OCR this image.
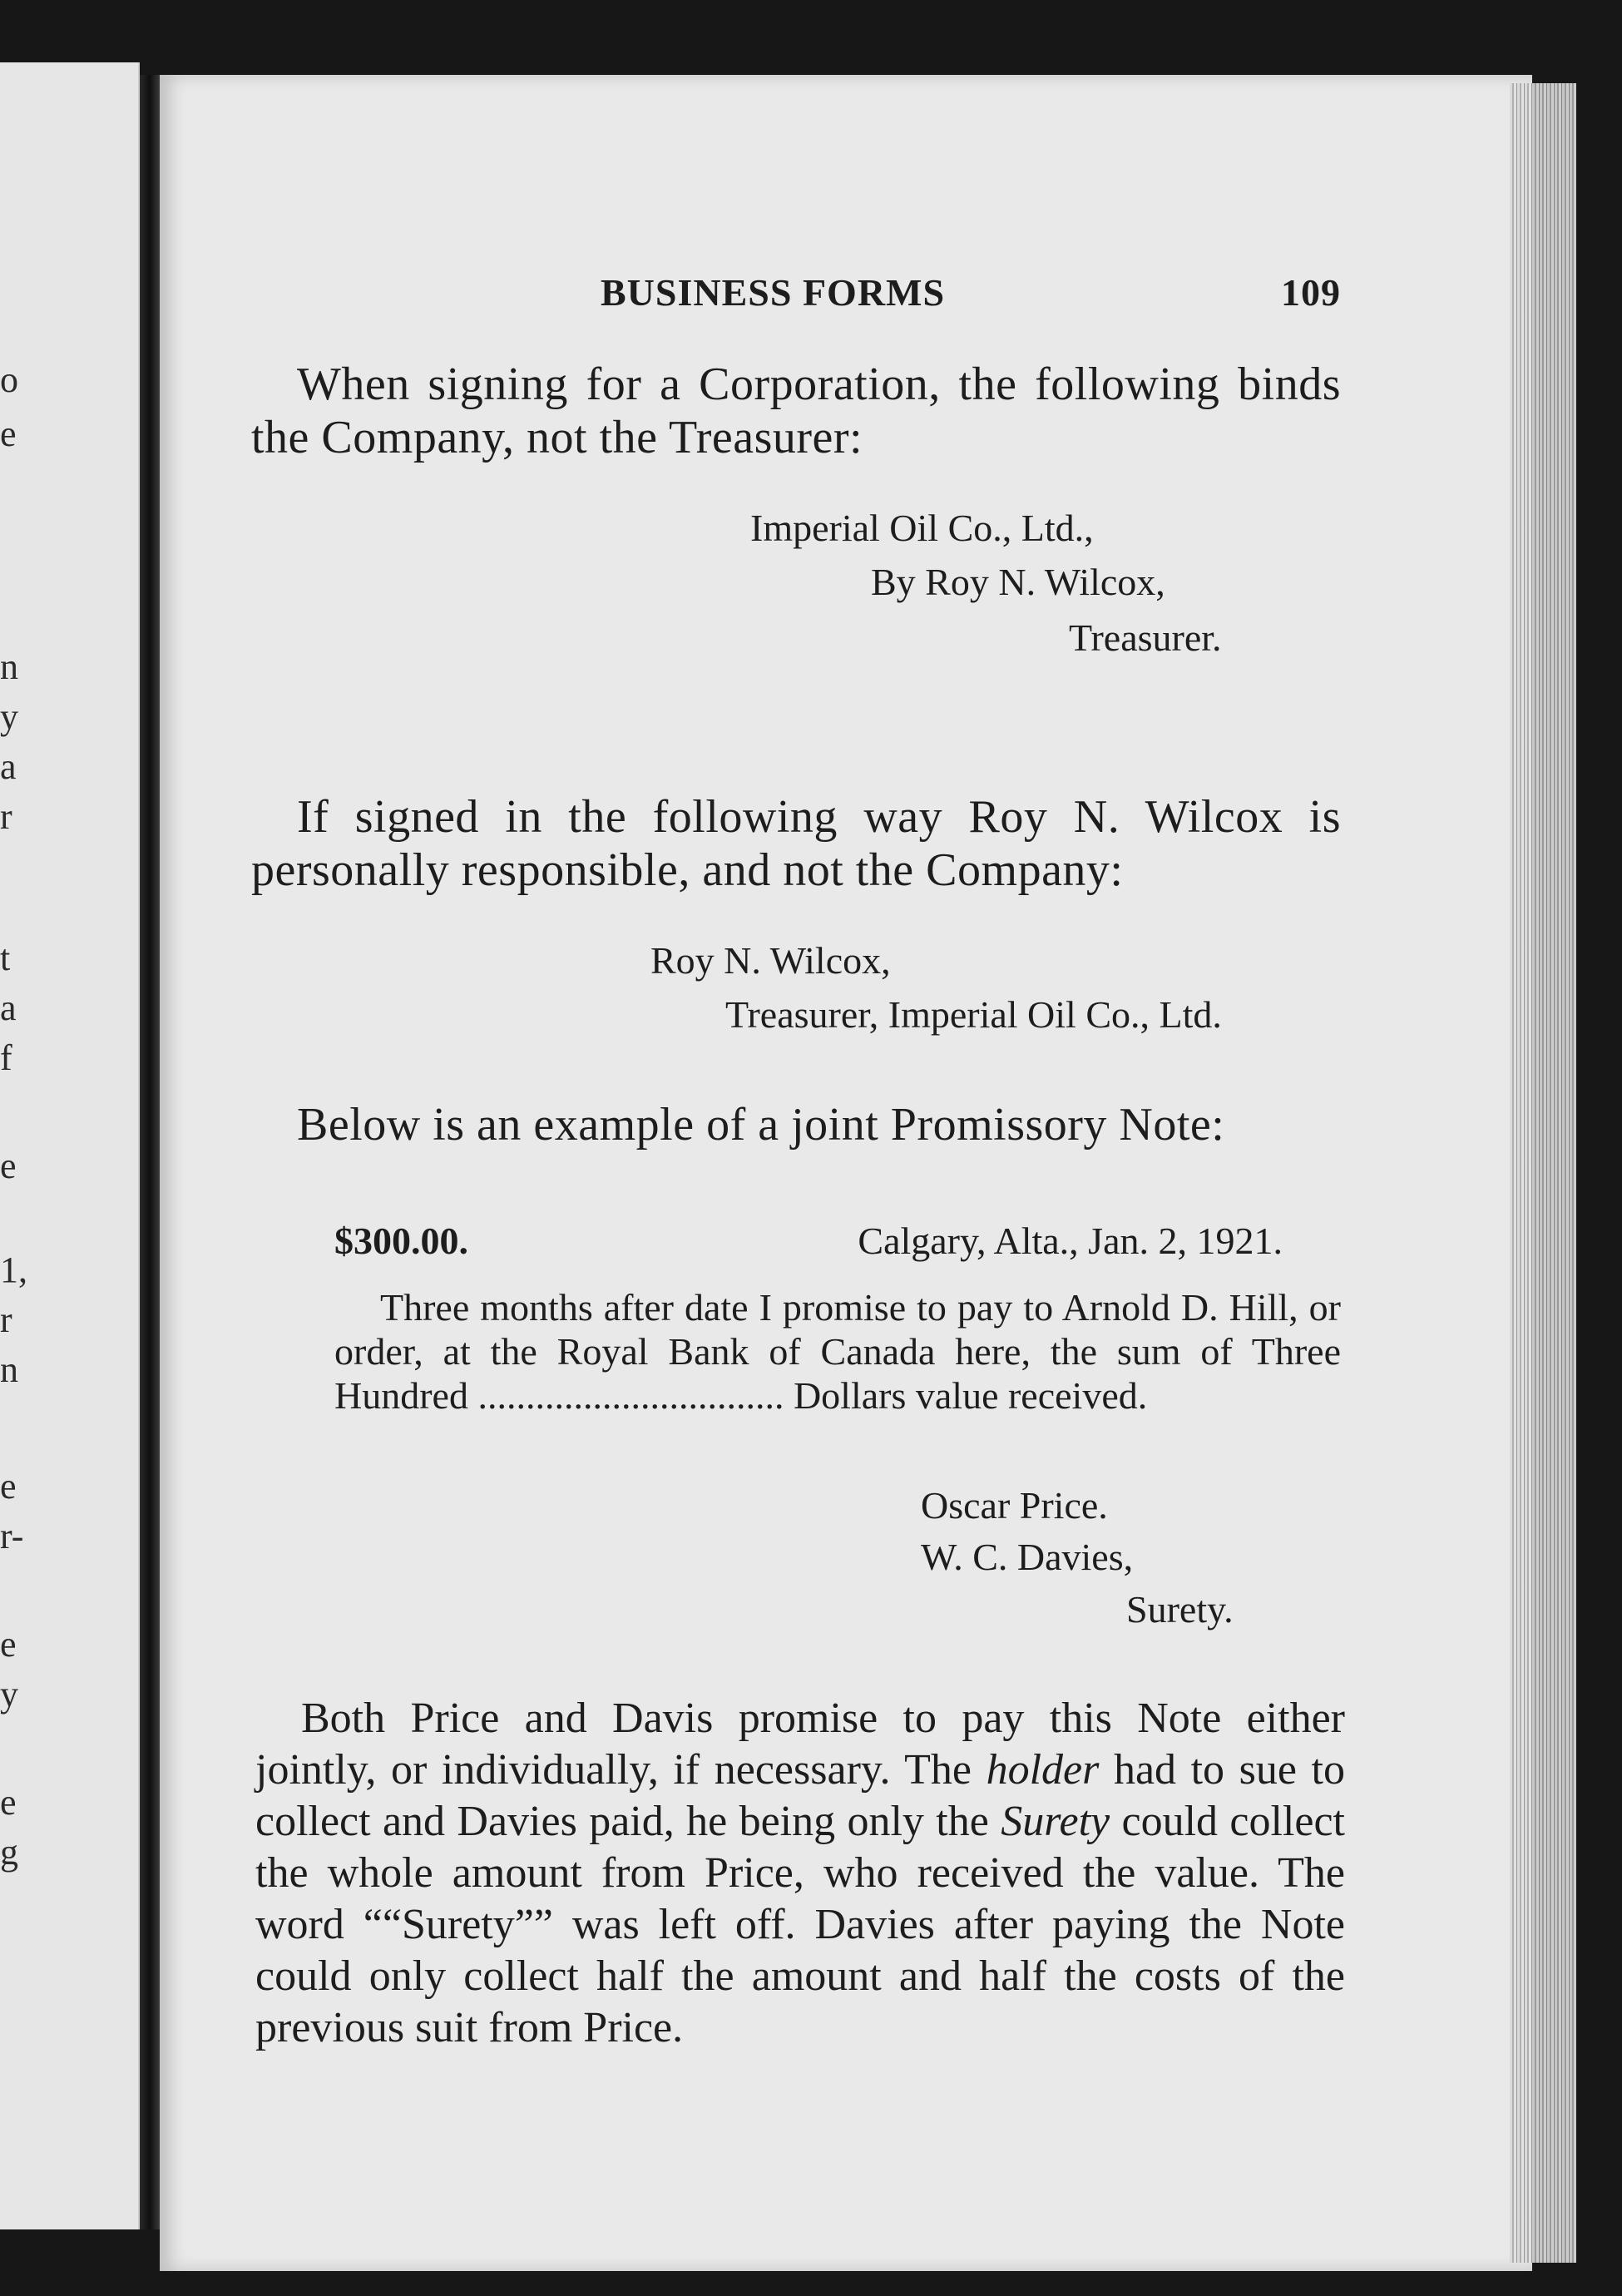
o
e
n
y
a
r
t
a
f
e
1,
r
n
e
r-
e
y
e
g
BUSINESS FORMS	109

When signing for a Corporation, the following binds the Company, not the Treasurer:

Imperial Oil Co., Ltd.,
By Roy N. Wilcox,
Treasurer.

If signed in the following way Roy N. Wilcox is personally responsible, and not the Company:

Roy N. Wilcox,
Treasurer, Imperial Oil Co., Ltd.

Below is an example of a joint Promissory Note:

$300.00.	Calgary, Alta., Jan. 2, 1921.

Three months after date I promise to pay to Arnold D. Hill, or order, at the Royal Bank of Canada here, the sum of Three Hundred ................................ Dollars value received.

Oscar Price.
W. C. Davies,
Surety.

Both Price and Davis promise to pay this Note either jointly, or individually, if necessary. The holder had to sue to collect and Davies paid, he being only the Surety could collect the whole amount from Price, who received the value. The word ““Surety”” was left off. Davies after paying the Note could only collect half the amount and half the costs of the previous suit from Price.
